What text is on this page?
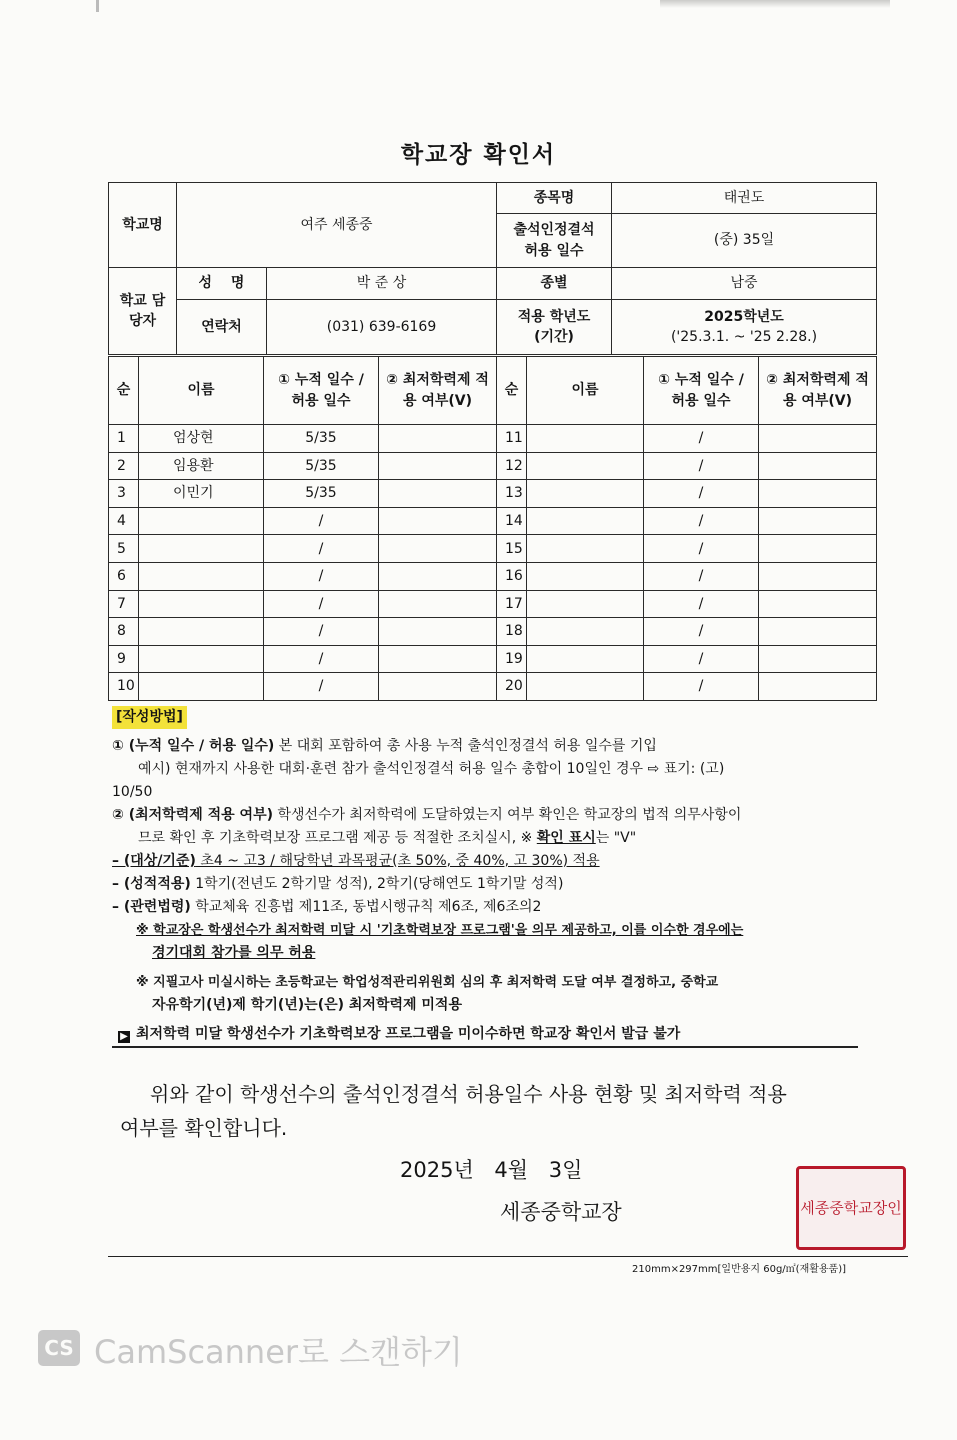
학교장 확인서
학교명	여주 세종중		종목명	태권도
			출석인정결석 허용 일수	(중) 35일
학교 담당자	성 명	박 준 상	종별	남중
	연락처	(031) 639-6169	적용 학년도 (기간)	2025학년도
('25.3.1. ~ '25 2.28.)
순	이름	① 누적 일수 / 허용 일수	② 최저학력제 적용 여부(V)	순	이름	① 누적 일수 / 허용 일수	② 최저학력제 적용 여부(V)
1	엄상현	5/35		11		/	
2	임용환	5/35		12		/	
3	이민기	5/35		13		/	
4		/		14		/	
5		/		15		/	
6		/		16		/	
7		/		17		/	
8		/		18		/	
9		/		19		/	
10		/		20		/	
[작성방법]
① (누적 일수 / 허용 일수) 본 대회 포함하여 총 사용 누적 출석인정결석 허용 일수를 기입
예시) 현재까지 사용한 대회·훈련 참가 출석인정결석 허용 일수 총합이 10일인 경우 ⇨ 표기: (고)
10/50
② (최저학력제 적용 여부) 학생선수가 최저학력에 도달하였는지 여부 확인은 학교장의 법적 의무사항이
므로 확인 후 기초학력보장 프로그램 제공 등 적절한 조치실시, ※ 확인 표시는 "V"
– (대상/기준) 초4 ~ 고3 / 해당학년 과목평균(초 50%, 중 40%, 고 30%) 적용
– (성적적용) 1학기(전년도 2학기말 성적), 2학기(당해연도 1학기말 성적)
– (관련법령) 학교체육 진흥법 제11조, 동법시행규칙 제6조, 제6조의2
※ 학교장은 학생선수가 최저학력 미달 시 '기초학력보장 프로그램'을 의무 제공하고, 이를 이수한 경우에는
경기대회 참가를 의무 허용
※ 지필고사 미실시하는 초등학교는 학업성적관리위원회 심의 후 최저학력 도달 여부 결정하고, 중학교
자유학기(년)제 학기(년)는(은) 최저학력제 미적용
▶ 최저학력 미달 학생선수가 기초학력보장 프로그램을 미이수하면 학교장 확인서 발급 불가
위와 같이 학생선수의 출석인정결석 허용일수 사용 현황 및 최저학력 적용
여부를 확인합니다.
2025년 4월 3일
세종중학교장	세종중학교장인
210mm×297mm[일반용지 60g/㎡(재활용품)]
CS CamScanner로 스캔하기
